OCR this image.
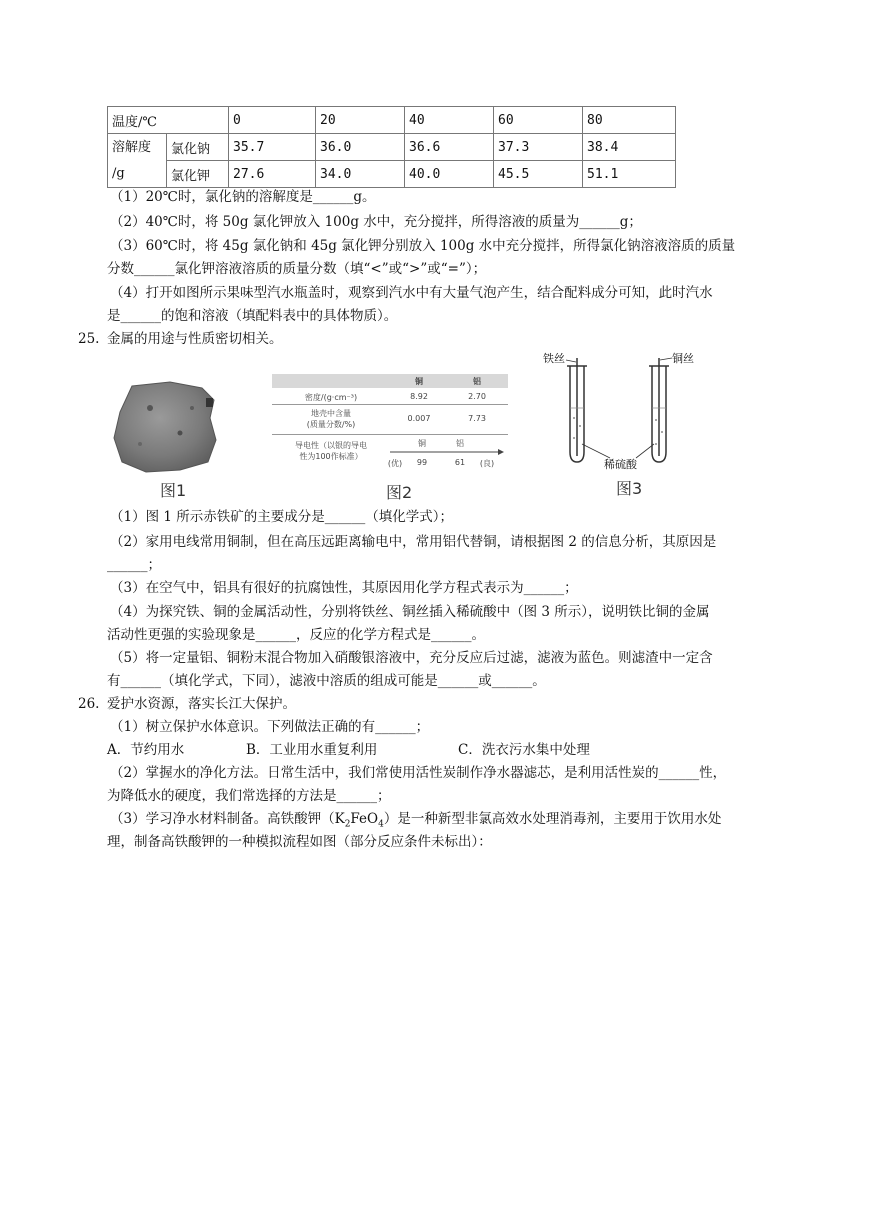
温度/℃		0	20	40	60	80
溶解度
/g	氯化钠	35.7	36.0	36.6	37.3	38.4
	氯化钾	27.6	34.0	40.0	45.5	51.1
（1）20℃时，氯化钠的溶解度是______g。
（2）40℃时，将 50g 氯化钾放入 100g 水中，充分搅拌，所得溶液的质量为______g；
（3）60℃时，将 45g 氯化钠和 45g 氯化钾分别放入 100g 水中充分搅拌，所得氯化钠溶液溶质的质量
分数______氯化钾溶液溶质的质量分数（填“<”或“>”或“=”）；
（4）打开如图所示果味型汽水瓶盖时，观察到汽水中有大量气泡产生，结合配料成分可知，此时汽水
是______的饱和溶液（填配料表中的具体物质）。
25. 金属的用途与性质密切相关。
图1
铜	铝
密度/(g·cm⁻³)	8.92	2.70
地壳中含量
(质量分数/%)
0.007	7.73
导电性（以银的导电
性为100作标准）
铜	铝
(优)	99	61	(良)
图2
铁丝	铜丝
稀硫酸
图3
（1）图 1 所示赤铁矿的主要成分是______（填化学式）；
（2）家用电线常用铜制，但在高压远距离输电中，常用铝代替铜，请根据图 2 的信息分析，其原因是
______；
（3）在空气中，铝具有很好的抗腐蚀性，其原因用化学方程式表示为______；
（4）为探究铁、铜的金属活动性，分别将铁丝、铜丝插入稀硫酸中（图 3 所示），说明铁比铜的金属
活动性更强的实验现象是______，反应的化学方程式是______。
（5）将一定量铝、铜粉末混合物加入硝酸银溶液中，充分反应后过滤，滤液为蓝色。则滤渣中一定含
有______（填化学式，下同），滤液中溶质的组成可能是______或______。
26. 爱护水资源，落实长江大保护。
（1）树立保护水体意识。下列做法正确的有______；
A．节约用水	B．工业用水重复利用	C．洗衣污水集中处理
（2）掌握水的净化方法。日常生活中，我们常使用活性炭制作净水器滤芯，是利用活性炭的______性，
为降低水的硬度，我们常选择的方法是______；
（3）学习净水材料制备。高铁酸钾$(K_2FeO_4)$是一种新型非氯高效水处理消毒剂，主要用于饮用水处
理，制备高铁酸钾的一种模拟流程如图（部分反应条件未标出）：
